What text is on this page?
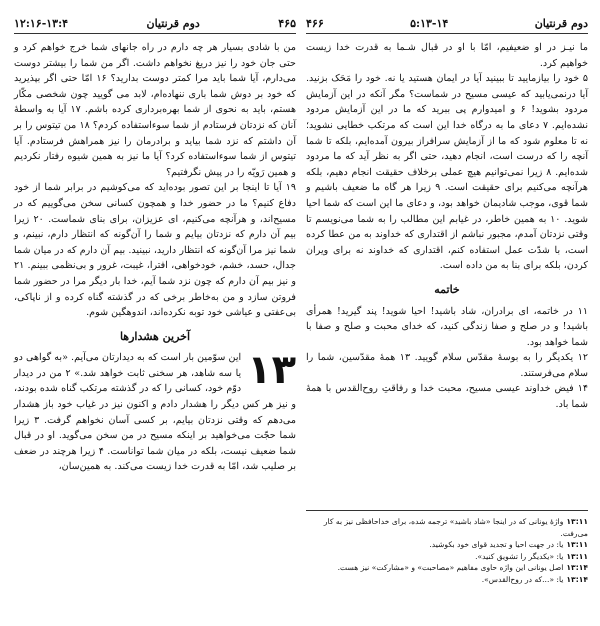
۴۶۵
دوم قرنتیان
۱۲:۱۶-۱۳:۴	دوم قرنتیان
۵:۱۳-۱۴
۴۶۶

من با شادی بسیار هر چه دارم در راه جانهای شما خرج خواهم کرد و حتی جان خود را نیز دریغ نخواهم داشت. اگر من شما را بیشتر دوست می‌دارم، آیا شما باید مرا کمتر دوست بدارید؟ ۱۶ امّا حتی اگر بپذیرید که خود بر دوش شما باری ننهاده‌ام، لابد می گویید چون شخصی مکّار هستم، باید به نحوی از شما بهره‌برداری کرده باشم. ۱۷ آیا به واسطهٔ آنان که نزدتان فرستادم از شما سوءاستفاده کردم؟ ۱۸ من تیتوس را بر آن داشتم که نزد شما بیاید و برادرمان را نیز همراهش فرستادم. آیا تیتوس از شما سوءاستفاده کرد؟ آیا ما نیز به همین شیوه رفتار نکردیم و همین رَویّه را در پیش نگرفتیم؟

۱۹ آیا تا اینجا بر این تصور بوده‌اید که می‌کوشیم در برابر شما از خود دفاع کنیم؟ ما در حضور خدا و همچون کسانی سخن می‌گوییم که در مسیح‌اند، و هرآنچه می‌کنیم، ای عزیزان، برای بنای شماست. ۲۰ زیرا بیم آن دارم که نزدتان بیایم و شما را آن‌گونه که انتظار دارم، نبینم، و شما نیز مرا آن‌گونه که انتظار دارید، نبینید. بیم آن دارم که در میان شما جدال، حسد، خشم، خودخواهی، افترا، غیبت، غرور و بی‌نظمی ببینم. ۲۱ و نیز بیم آن دارم که چون نزد شما آیم، خدا بار دیگر مرا در حضور شما فروتن سازد و من به‌خاطر برخی که در گذشته گناه کرده و از ناپاکی، بی‌عفتی و عیاشی خود توبه نکرده‌اند، اندوهگین شوم.

آخرین هشدارها
۱۳

این سوّمین بار است که به دیدارتان می‌آیم. «به گواهی دو یا سه شاهد، هر سخنی ثابت خواهد شد.» ۲ من در دیدار دوّم خود، کسانی را که در گذشته مرتکب گناه شده بودند، و نیز هر کس دیگر را هشدار دادم و اکنون نیز در غیاب خود باز هشدار می‌دهم که وقتی نزدتان بیایم، بر کسی آسان نخواهم گرفت. ۳ زیرا شما حجّت می‌خواهید بر اینکه مسیح در من سخن می‌گوید. او در قبال شما ضعیف نیست، بلکه در میان شما تواناست. ۴ زیرا هرچند در ضعف بر صلیب شد، امّا به قدرت خدا زیست می‌کند. به همین‌سان،

ما نیـز در او ضعیفیم، امّا با او در قبال شـما به قدرت خدا زیست خواهیم کرد.

۵ خود را بیازمایید تا ببینید آیا در ایمان هستید یا نه. خود را مَحَک بزنید. آیا درنمی‌یابید که عیسی مسیح در شماست؟ مگر آنکه در این آزمایش مردود بشوید! ۶ و امیدوارم پی ببرید که ما در این آزمایش مردود نشده‌ایم. ۷ دعای ما به درگاه خدا این است که مرتکب خطایی نشوید؛ نه تا معلوم شود که ما از آزمایش سرافراز بیرون آمده‌ایم، بلکه تا شما آنچه را که درست است، انجام دهید، حتی اگر به نظر آید که ما مردود شده‌ایم. ۸ زیرا نمی‌توانیم هیچ عملی برخلاف حقیقت انجام دهیم، بلکه هرآنچه می‌کنیم برای حقیقت است. ۹ زیرا هر گاه ما ضعیف باشیم و شما قوی، موجب شادیمان خواهد بود، و دعای ما این است که شما احیا شوید. ۱۰ به همین خاطر، در غیابم این مطالب را به شما می‌نویسم تا وقتی نزدتان آمدم، مجبور نباشم از اقتداری که خداوند به من عطا کرده است، با شدّت عمل استفاده کنم، اقتداری که خداوند نه برای ویران کردن، بلکه برای بنا به من داده است.

خاتمه

۱۱ در خاتمه، ای برادران، شاد باشید! احیا شوید! پند گیرید! همرأی باشید! و در صلح و صفا زندگی کنید، که خدای محبت و صلح و صفا با شما خواهد بود.

۱۲ یکدیگر را به بوسهٔ مقدّس سلام گویید. ۱۳ همهٔ مقدّسین، شما را سلام می‌فرستند.

۱۴ فیض خداوند عیسی مسیح، محبت خدا و رفاقتِ روح‌القدس با همهٔ شما باد.

۱۳:۱۱واژهٔ یونانی که در اینجا «شاد باشید» ترجمه شده، برای خداحافظی نیز به کار می‌رفت.
۱۳:۱۱یا: در جهت احیا و تجدید قوای خود بکوشید.
۱۳:۱۱یا: «یکدیگر را تشویق کنید».
۱۳:۱۴اصل یونانی این واژه حاوی مفاهیم «مصاحبت» و «مشارکت» نیز هست.
۱۳:۱۴یا: «...که در روح‌القدس».
